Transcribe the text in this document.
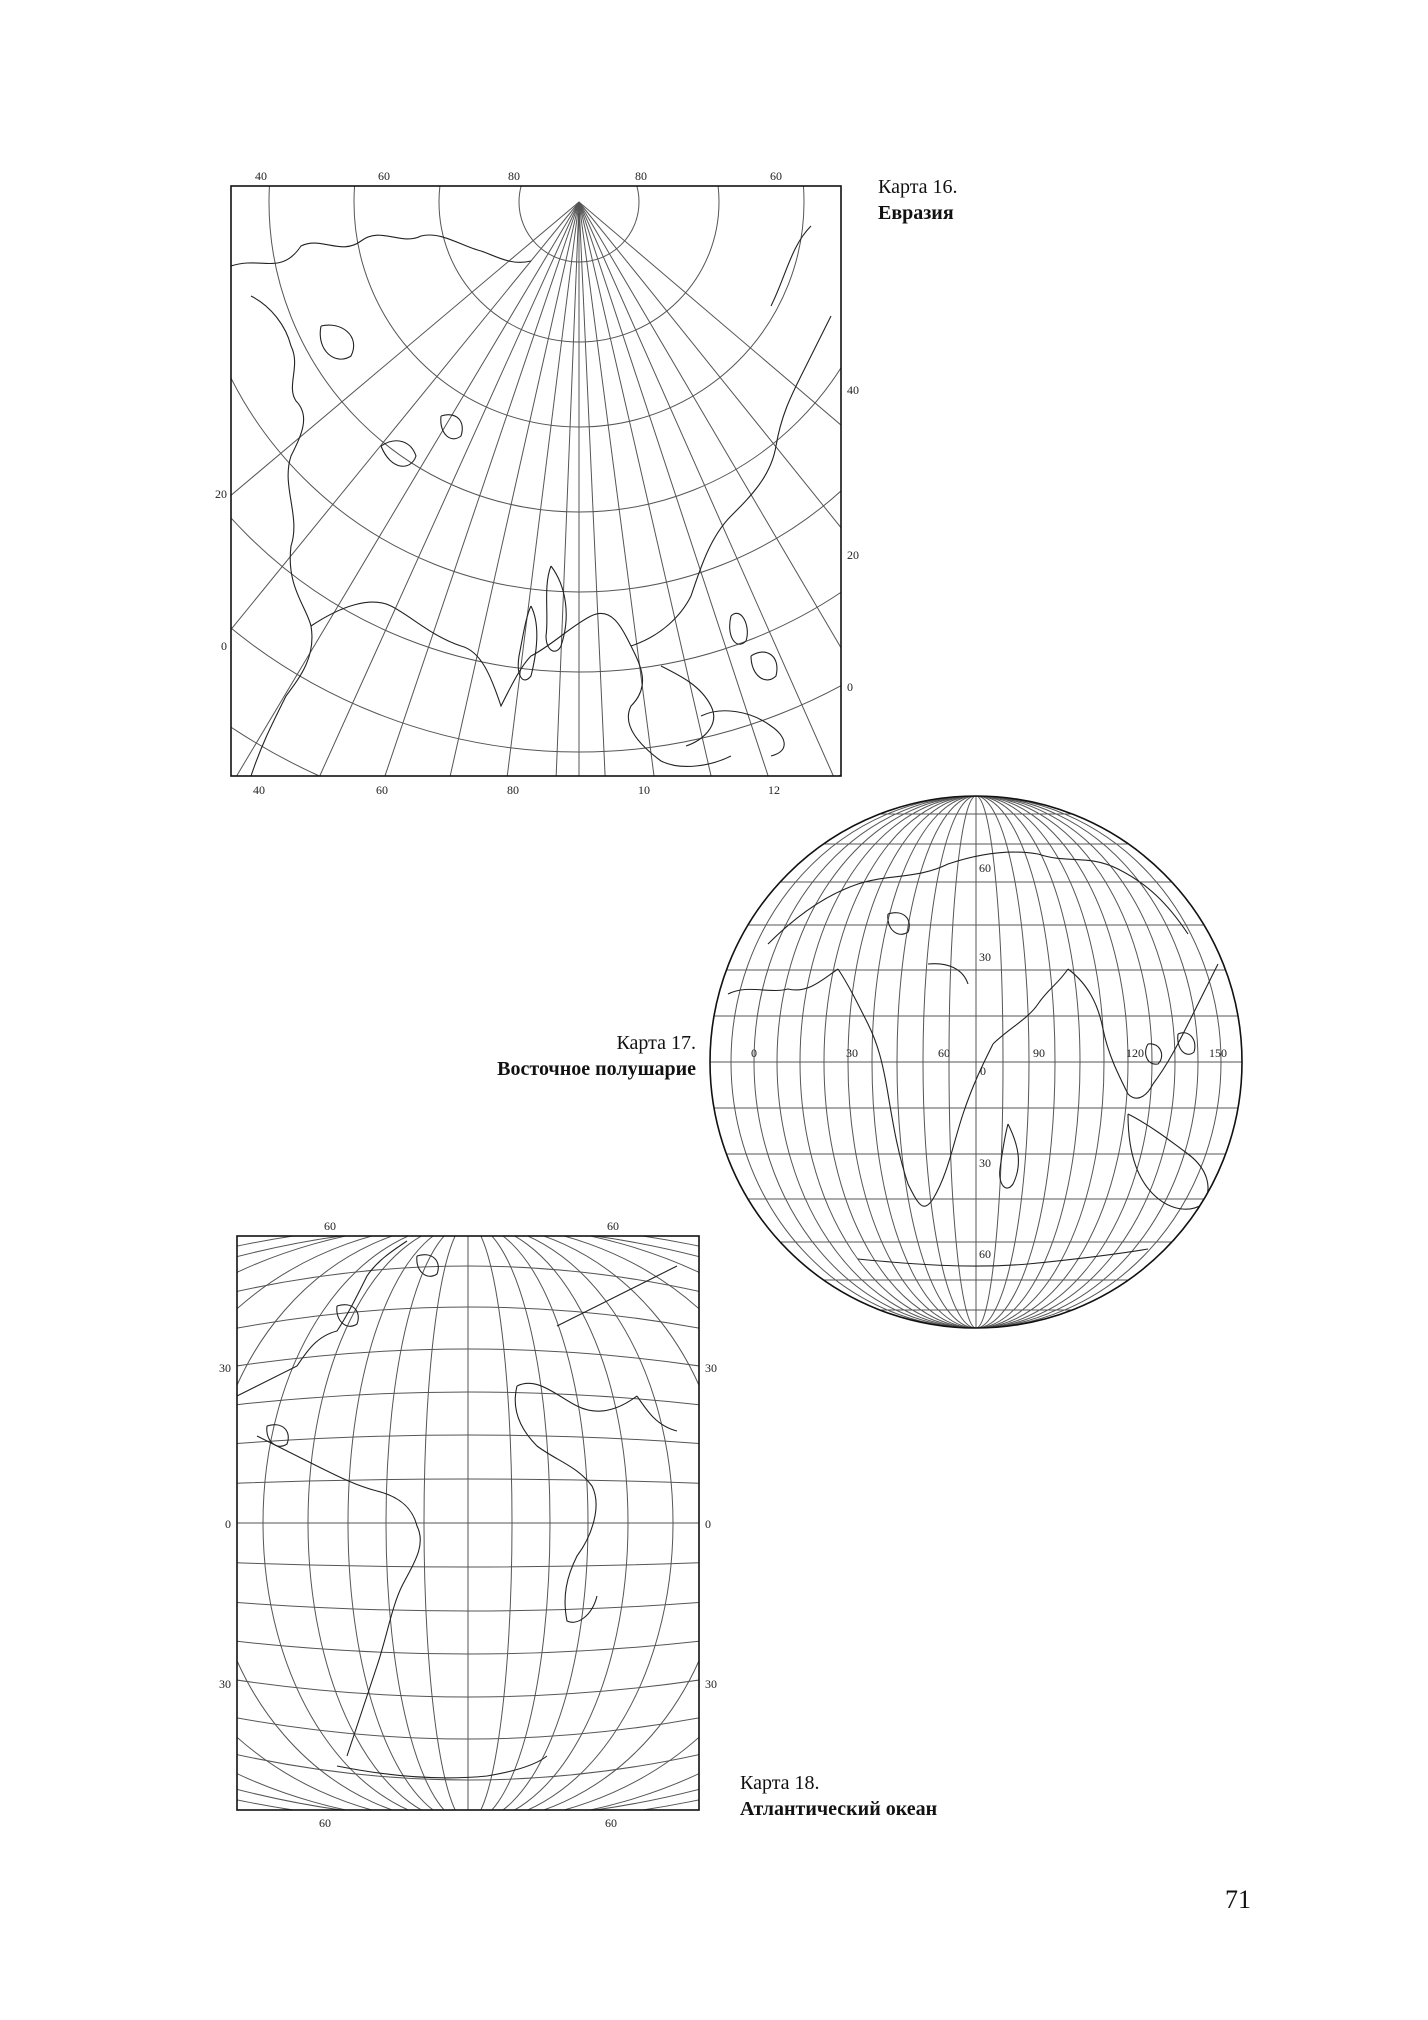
40	60	80	80	60
40	60	80	10	12
20
0
40
20
0
Карта 16.
Евразия
0	30	60	90	120	150
0
60
30
30
60
Карта 17.
Восточное полушарие
60	60
60	60
30
0
30
30
0
30
Карта 18.
Атлантический океан
71
